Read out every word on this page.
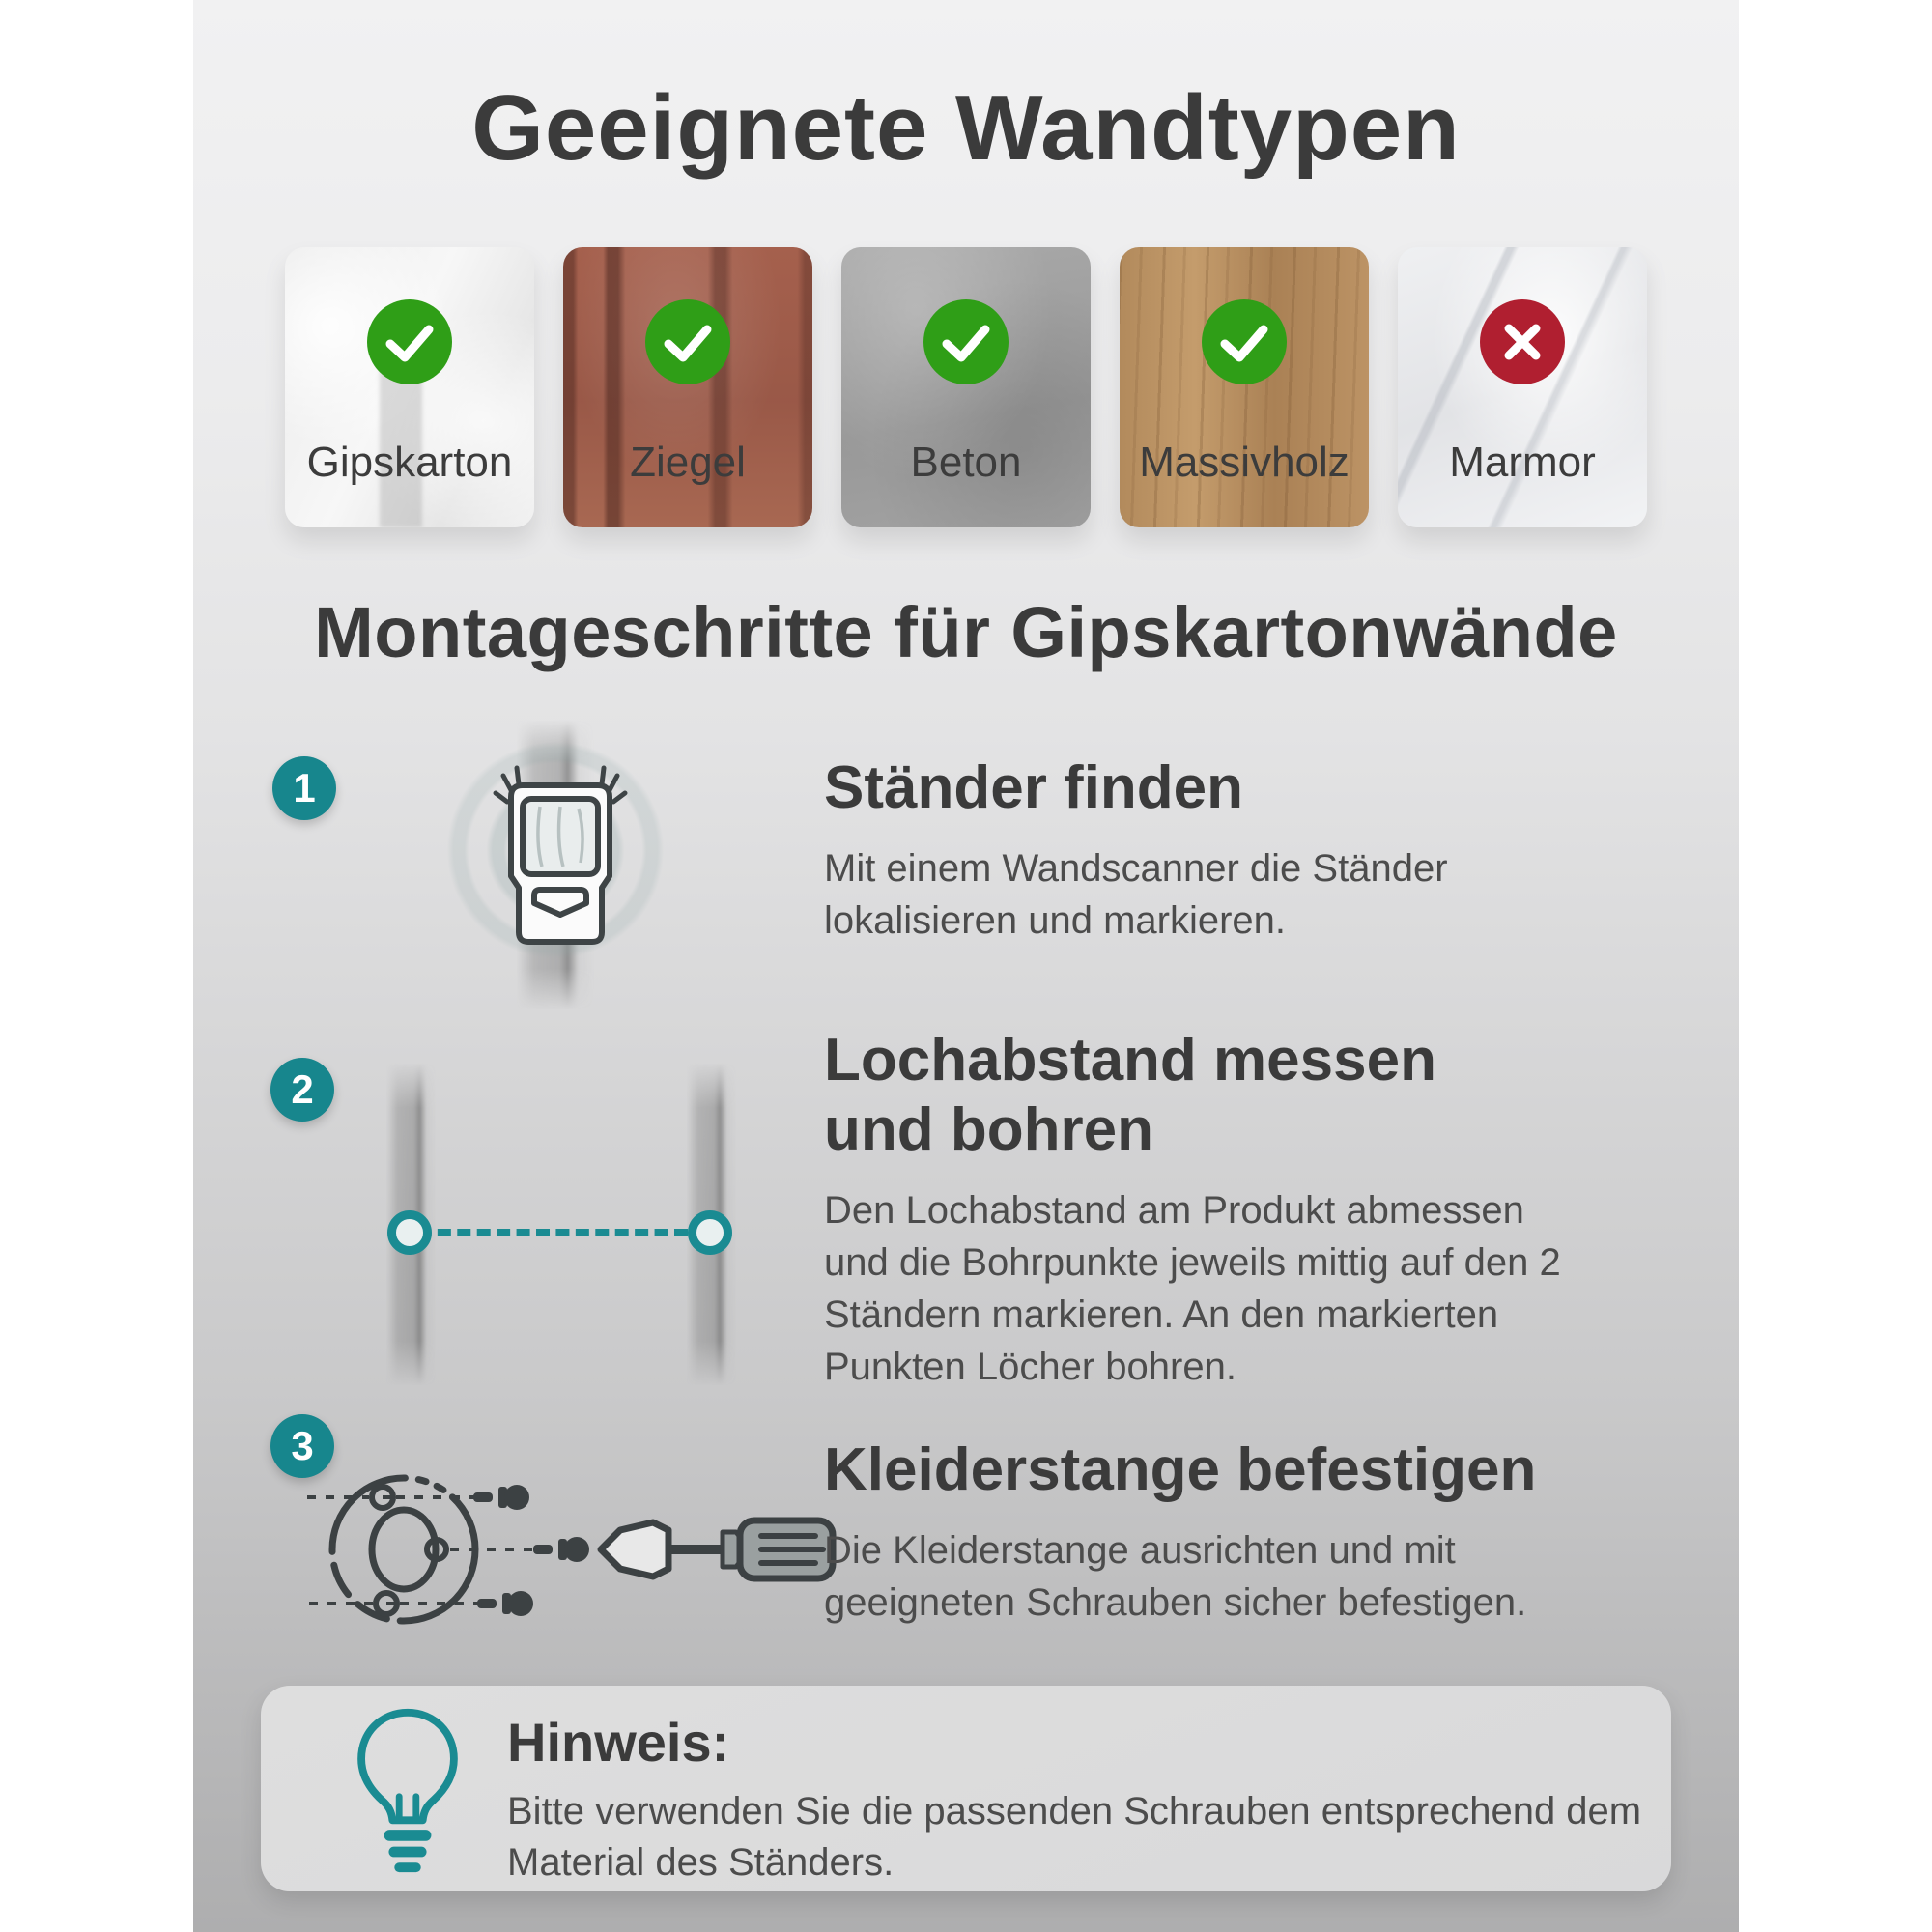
Geeignete Wandtypen
Gipskarton	Ziegel	Beton	Massivholz	Marmor
Montageschritte für Gipskartonwände
1	Ständer finden
Mit einem Wandscanner die Ständer lokalisieren und markieren.
2	Lochabstand messen und bohren
Den Lochabstand am Produkt abmessen und die Bohrpunkte jeweils mittig auf den 2 Ständern markieren. An den markierten Punkten Löcher bohren.
3	Kleiderstange befestigen
Die Kleiderstange ausrichten und mit geeigneten Schrauben sicher befestigen.
Hinweis:
Bitte verwenden Sie die passenden Schrauben entsprechend dem Material des Ständers.
